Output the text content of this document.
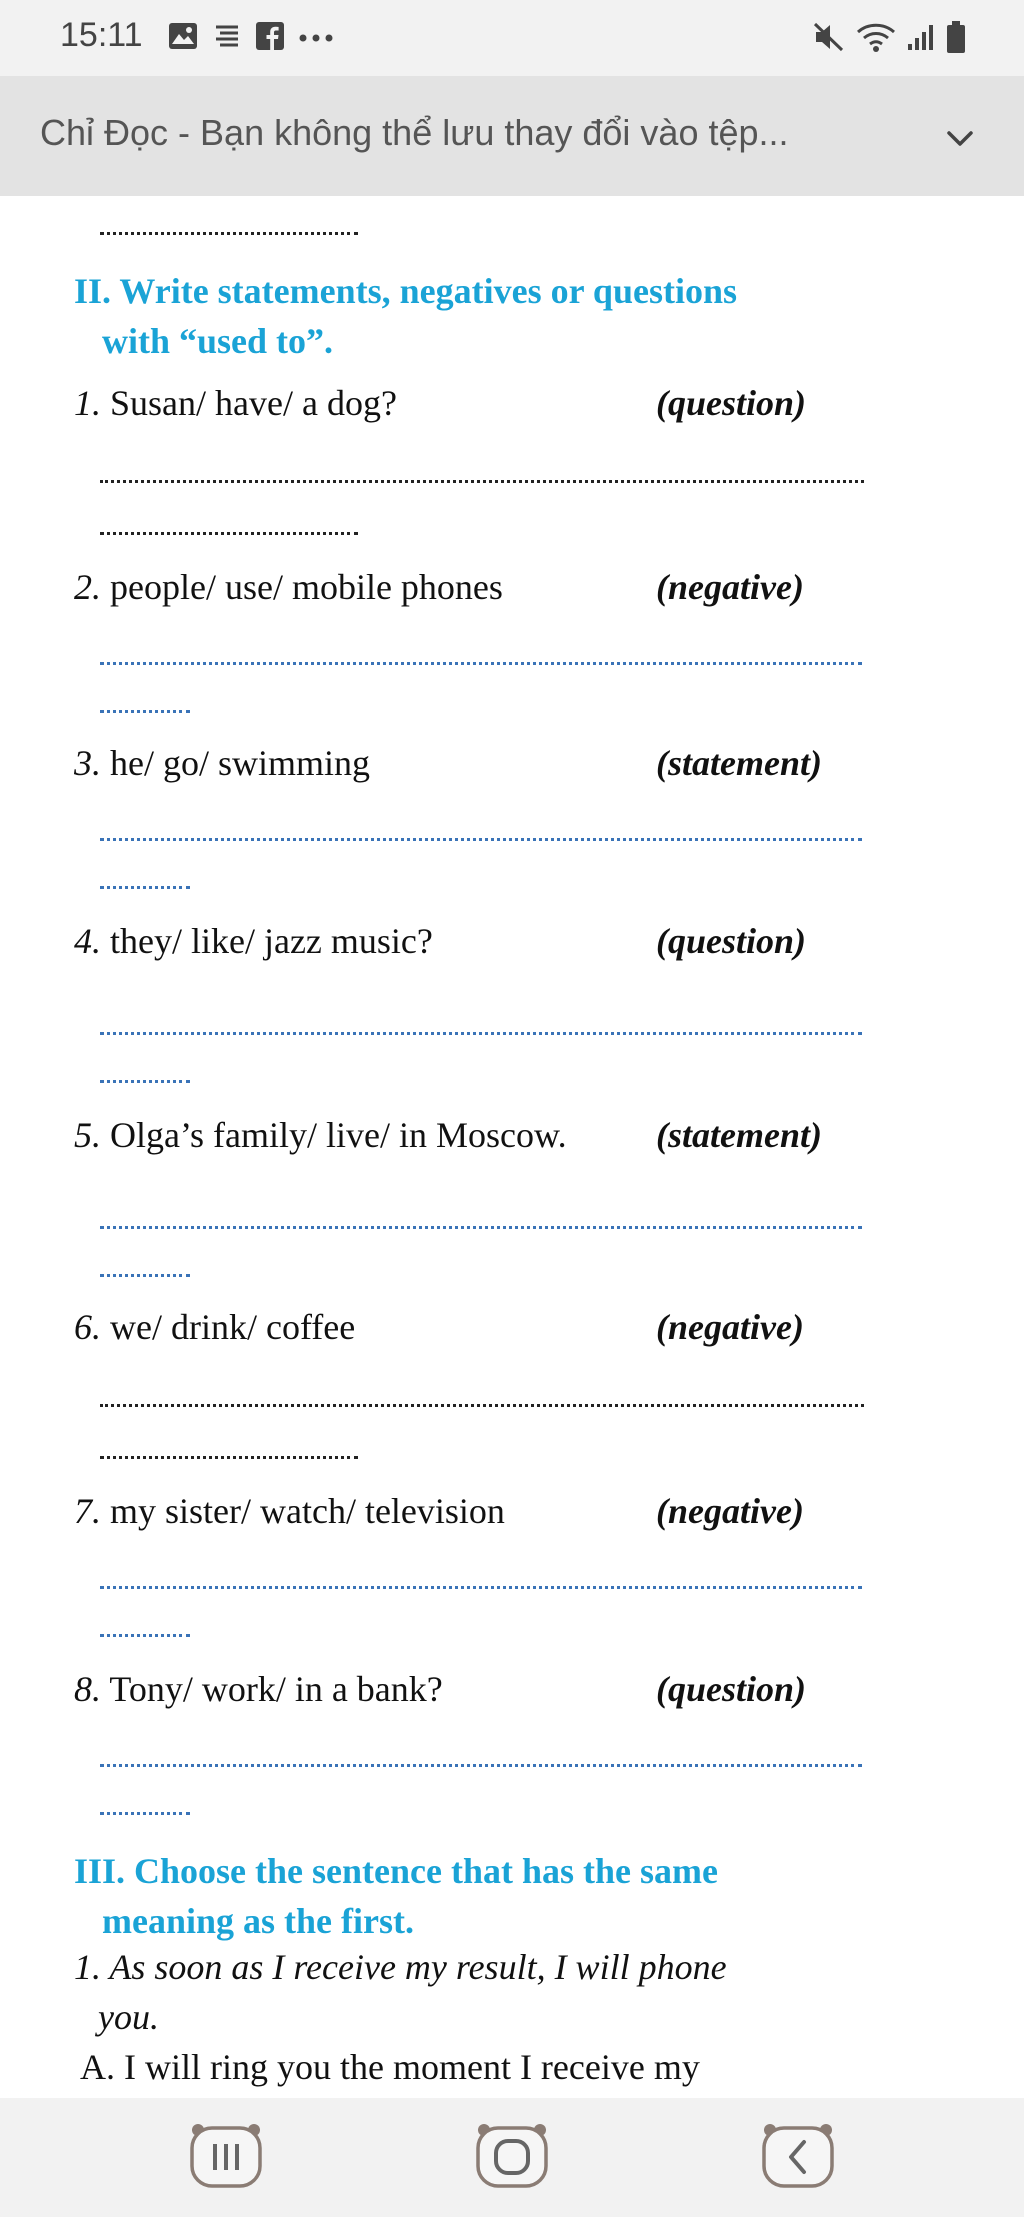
15:11
Chỉ Đọc - Bạn không thể lưu thay đổi vào tệp...
II. Write statements, negatives or questions
with “used to”.
1. Susan/ have/ a dog?	(question)
2. people/ use/ mobile phones	(negative)
3. he/ go/ swimming	(statement)
4. they/ like/ jazz music?	(question)
5. Olga’s family/ live/ in Moscow. (statement)
6. we/ drink/ coffee	(negative)
7. my sister/ watch/ television	(negative)
8. Tony/ work/ in a bank?	(question)
III. Choose the sentence that has the same
meaning as the first.
1. As soon as I receive my result, I will phone
you.
A. I will ring you the moment I receive my
